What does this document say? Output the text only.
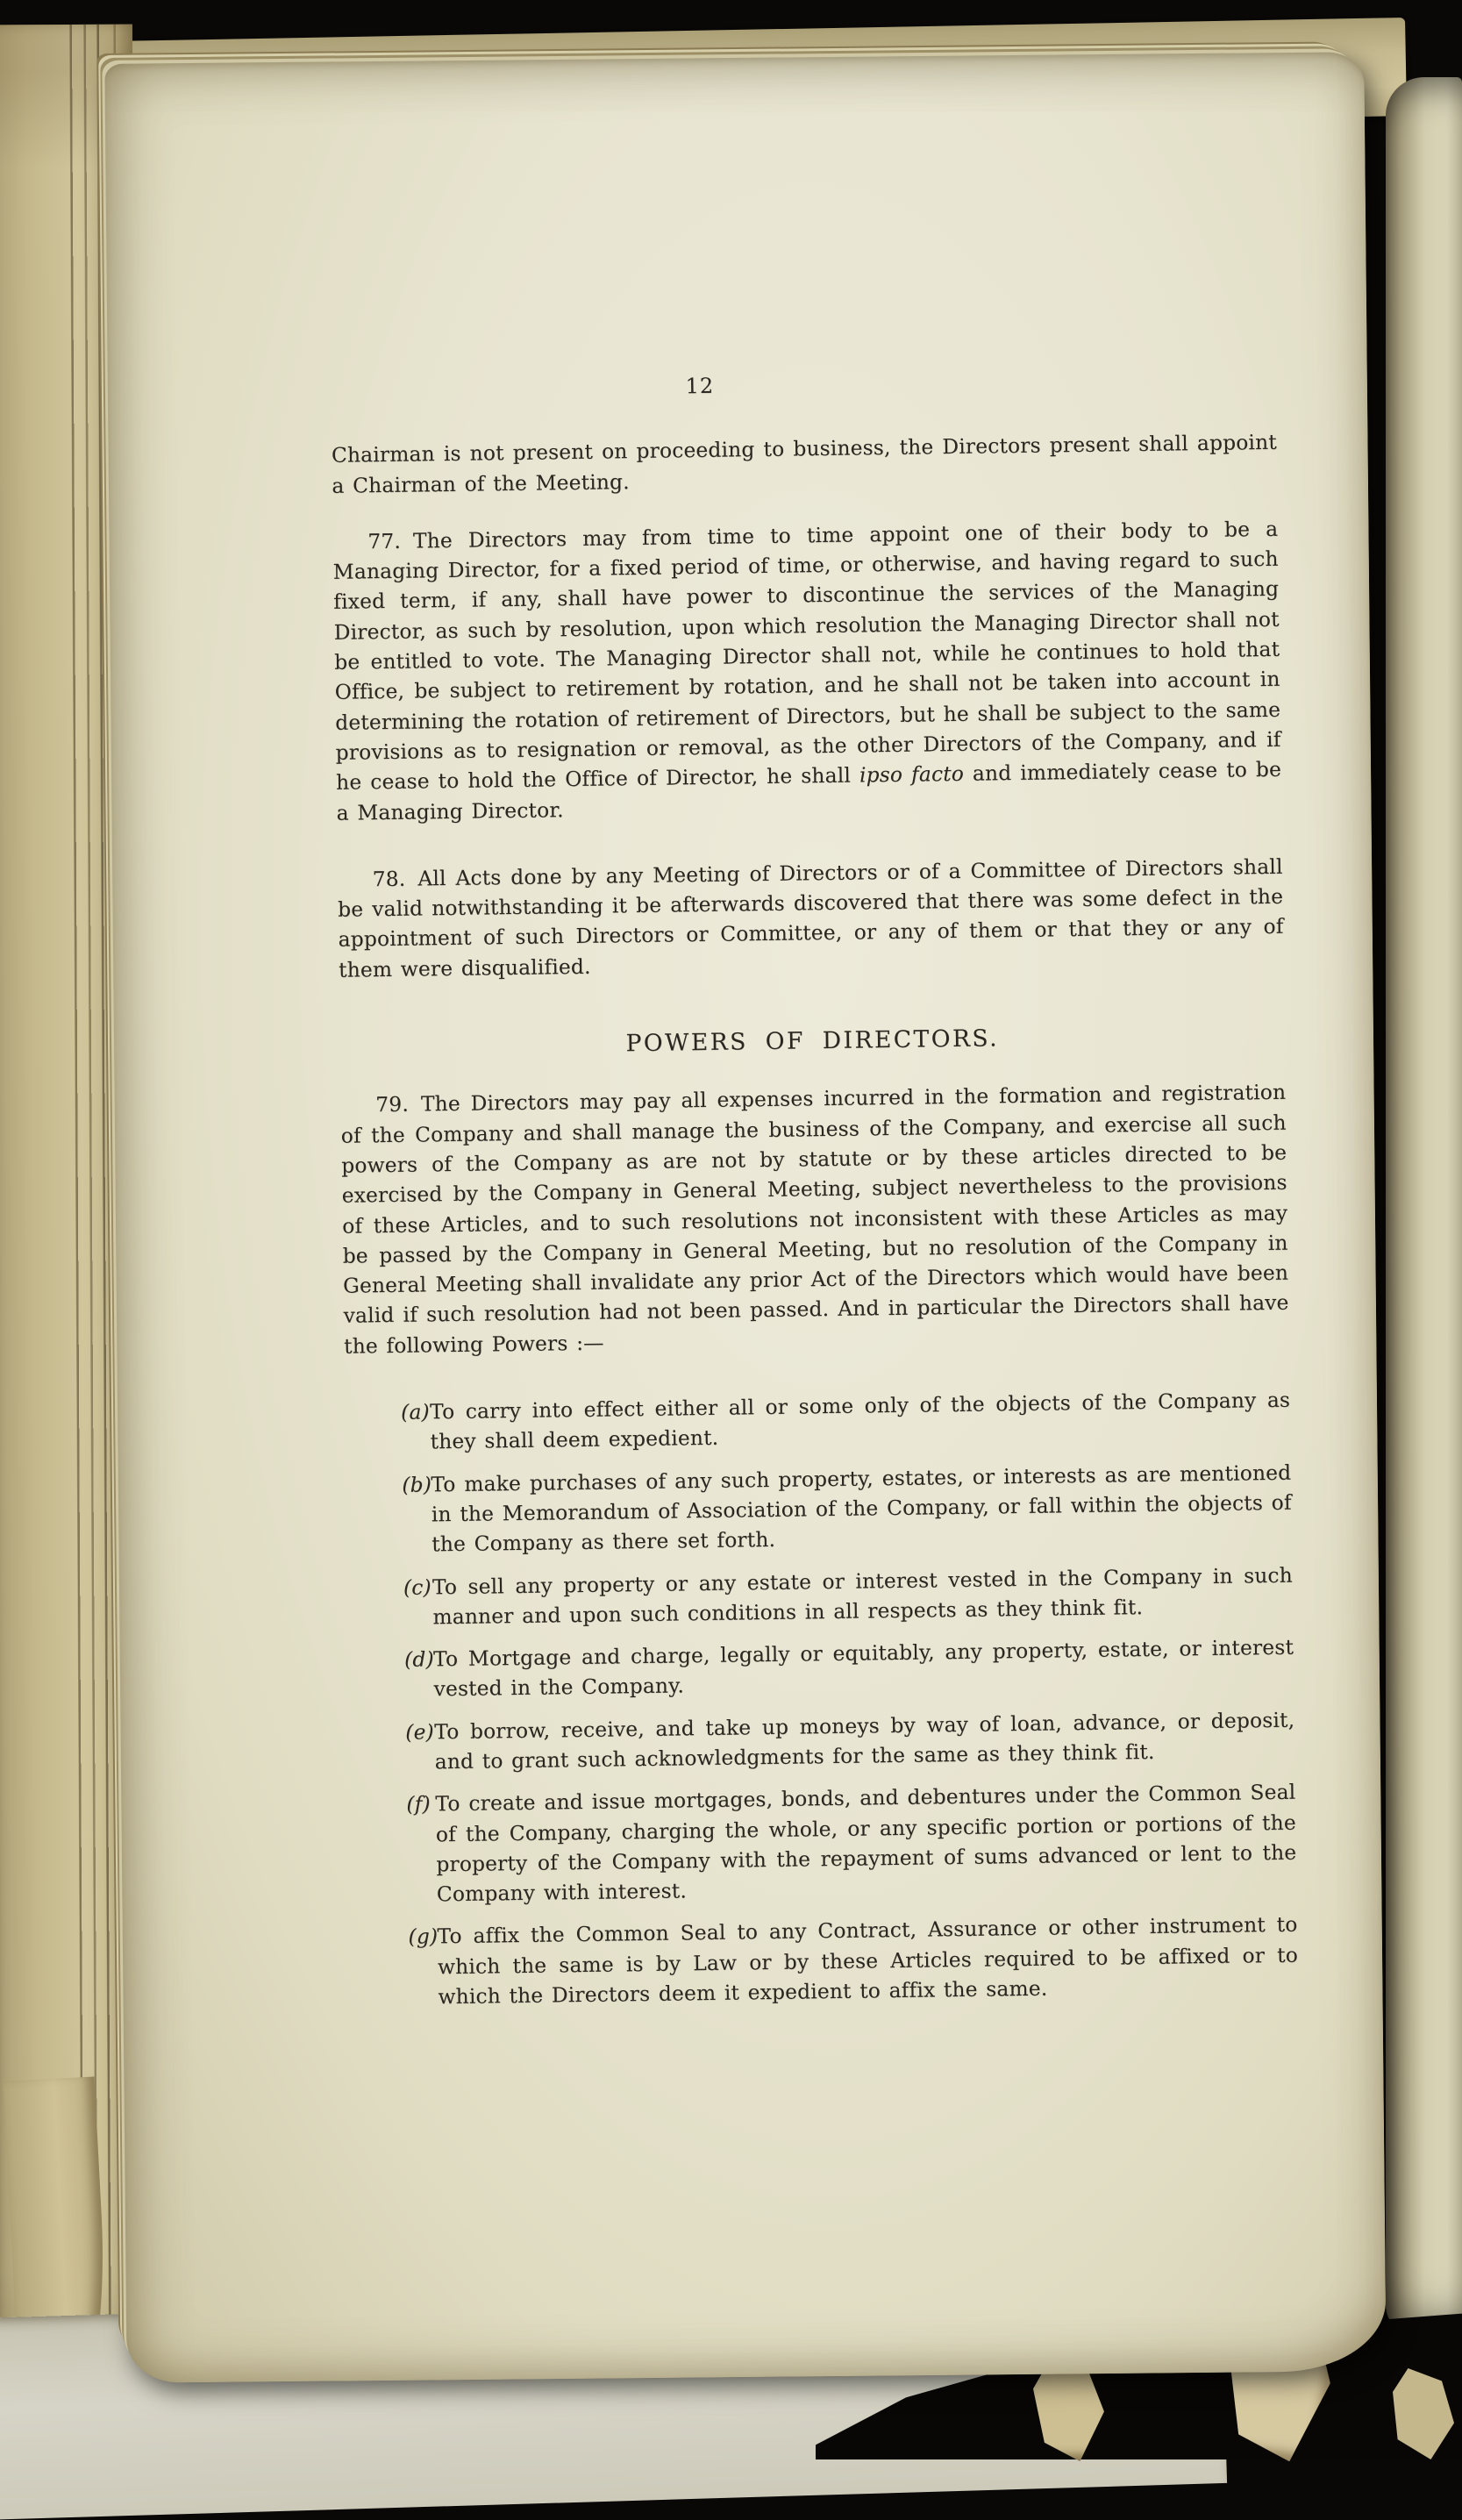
12

Chairman is not present on proceeding to business, the Directors present shall appoint a Chairman of the Meeting.

77. The Directors may from time to time appoint one of their body to be a Managing Director, for a fixed period of time, or otherwise, and having regard to such fixed term, if any, shall have power to discontinue the services of the Managing Director, as such by resolution, upon which resolution the Managing Director shall not be entitled to vote. The Managing Director shall not, while he continues to hold that Office, be subject to retirement by rotation, and he shall not be taken into account in determining the rotation of retirement of Directors, but he shall be subject to the same provisions as to resignation or removal, as the other Directors of the Company, and if he cease to hold the Office of Director, he shall ipso facto and immediately cease to be a Managing Director.

78. All Acts done by any Meeting of Directors or of a Committee of Directors shall be valid notwithstanding it be afterwards discovered that there was some defect in the appointment of such Directors or Committee, or any of them or that they or any of them were disqualified.

POWERS OF DIRECTORS.

79. The Directors may pay all expenses incurred in the formation and registration of the Company and shall manage the business of the Company, and exercise all such powers of the Company as are not by statute or by these articles directed to be exercised by the Company in General Meeting, subject nevertheless to the provisions of these Articles, and to such resolutions not inconsistent with these Articles as may be passed by the Company in General Meeting, but no resolution of the Company in General Meeting shall invalidate any prior Act of the Directors which would have been valid if such resolution had not been passed. And in particular the Directors shall have the following Powers :—

(a) To carry into effect either all or some only of the objects of the Company as they shall deem expedient.

(b)
To make purchases of any such property, estates, or interests as are mentioned in the Memorandum of Association of the Company, or fall within the objects of the Company as there set forth.

(c) To sell any property or any estate or interest vested in the Company in such manner and upon such conditions in all respects as they think fit.

(d)
To Mortgage and charge, legally or equitably, any property, estate, or interest vested in the Company.

(e) To borrow, receive, and take up moneys by way of loan, advance, or deposit, and to grant such acknowledgments for the same as they think fit.

(f) To create and issue mortgages, bonds, and debentures under the Common Seal of the Company, charging the whole, or any specific portion or portions of the property of the Company with the repayment of sums advanced or lent to the Company with interest.

(g)
To affix the Common Seal to any Contract, Assurance or other instrument to which the same is by Law or by these Articles required to be affixed or to which the Directors deem it expedient to affix the same.
